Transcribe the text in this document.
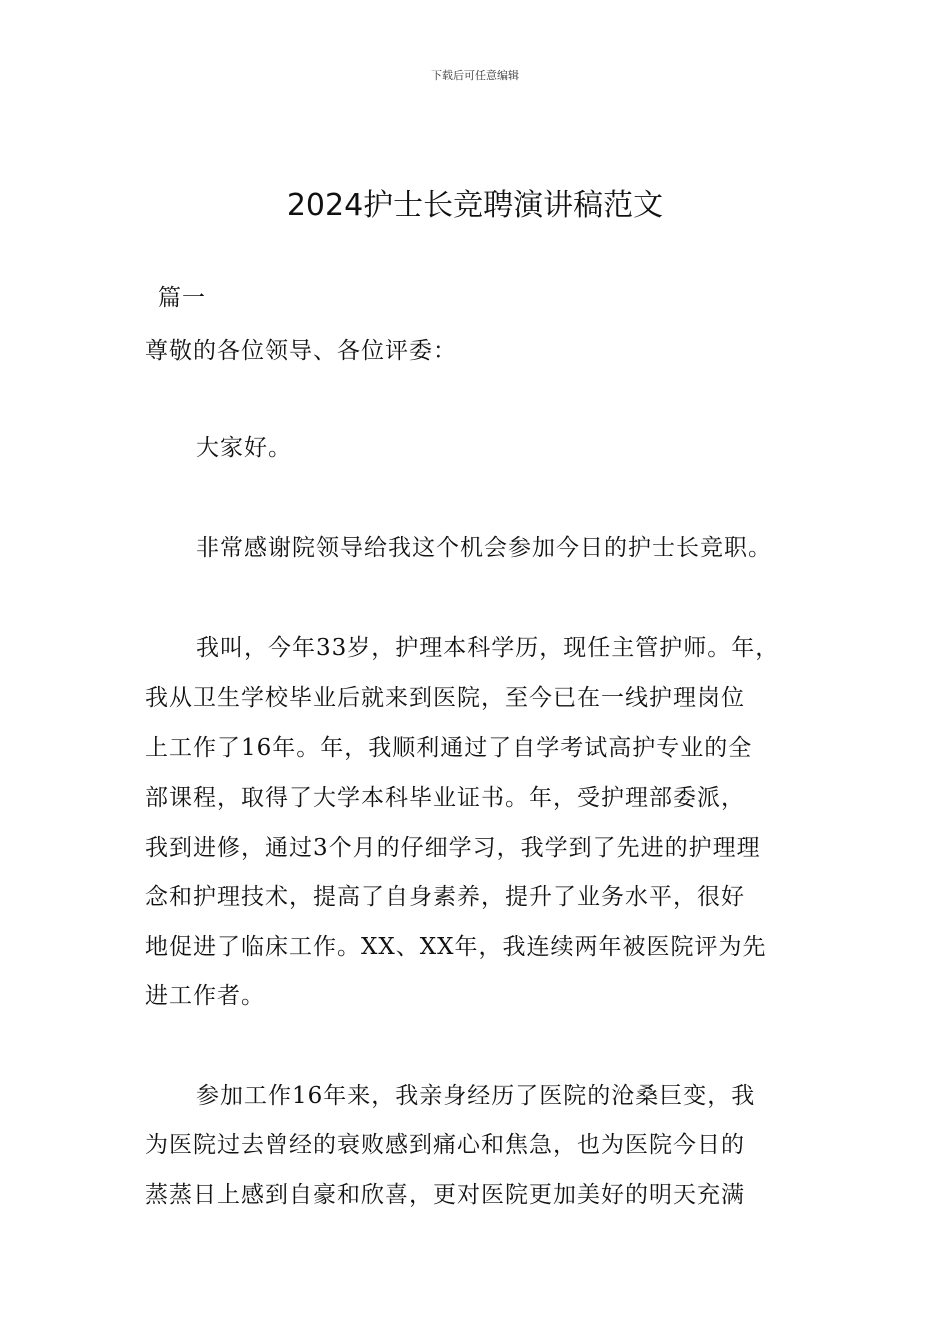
下载后可任意编辑
2024护士长竞聘演讲稿范文
篇一
尊敬的各位领导、各位评委：
大家好。
非常感谢院领导给我这个机会参加今日的护士长竞职。
我叫，今年33岁，护理本科学历，现任主管护师。年，
我从卫生学校毕业后就来到医院，至今已在一线护理岗位
上工作了16年。年，我顺利通过了自学考试高护专业的全
部课程，取得了大学本科毕业证书。年，受护理部委派，
我到进修，通过3个月的仔细学习，我学到了先进的护理理
念和护理技术，提高了自身素养，提升了业务水平，很好
地促进了临床工作。XX、XX年，我连续两年被医院评为先
进工作者。
参加工作16年来，我亲身经历了医院的沧桑巨变，我
为医院过去曾经的衰败感到痛心和焦急，也为医院今日的
蒸蒸日上感到自豪和欣喜，更对医院更加美好的明天充满
